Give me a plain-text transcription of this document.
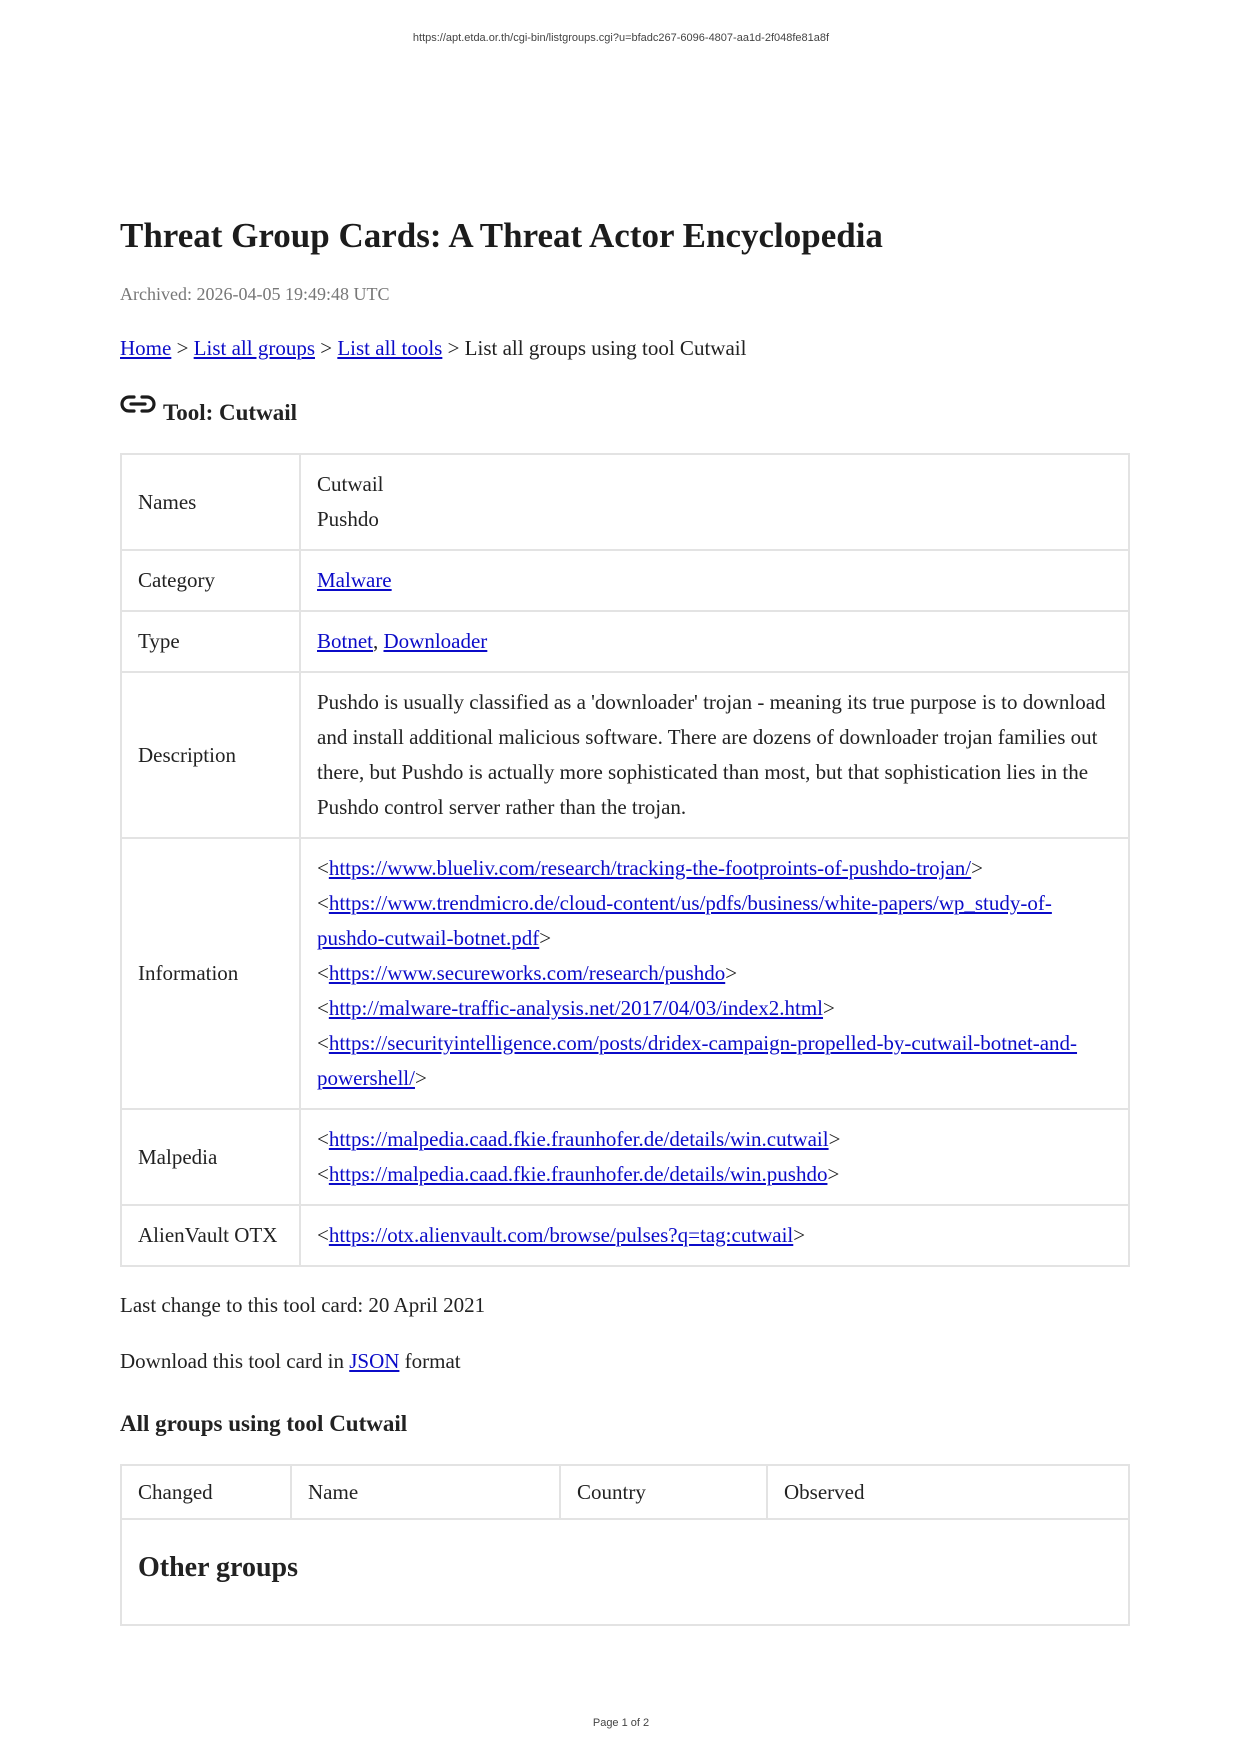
https://apt.etda.or.th/cgi-bin/listgroups.cgi?u=bfadc267-6096-4807-aa1d-2f048fe81a8f
Threat Group Cards: A Threat Actor Encyclopedia
Archived: 2026-04-05 19:49:48 UTC
Home > List all groups > List all tools > List all groups using tool Cutwail
Tool: Cutwail
Names	Cutwail
Pushdo

Category	Malware
Type	Botnet, Downloader
Description	Pushdo is usually classified as a 'downloader' trojan - meaning its true purpose is to download and install additional malicious software. There are dozens of downloader trojan families out there, but Pushdo is actually more sophisticated than most, but that sophistication lies in the Pushdo control server rather than the trojan.
Information	<https://www.blueliv.com/research/tracking-the-footproints-of-pushdo-trojan/>
<https://www.trendmicro.de/cloud-content/us/pdfs/business/white-papers/wp_study-of-pushdo-cutwail-botnet.pdf>
<https://www.secureworks.com/research/pushdo>
<http://malware-traffic-analysis.net/2017/04/03/index2.html>
<https://securityintelligence.com/posts/dridex-campaign-propelled-by-cutwail-botnet-and-powershell/>

Malpedia	<https://malpedia.caad.fkie.fraunhofer.de/details/win.cutwail>
<https://malpedia.caad.fkie.fraunhofer.de/details/win.pushdo>

AlienVault OTX	<https://otx.alienvault.com/browse/pulses?q=tag:cutwail>
Last change to this tool card: 20 April 2021
Download this tool card in JSON format
All groups using tool Cutwail
Changed	Name	Country	Observed

Other groups
Page 1 of 2
